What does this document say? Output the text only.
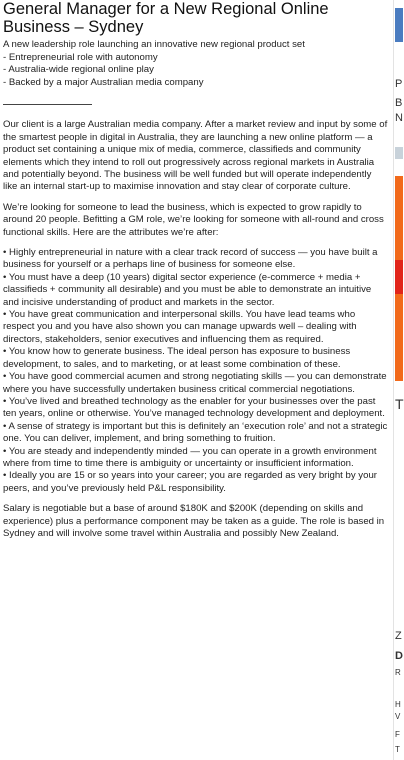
General Manager for a New Regional Online Business – Sydney
A new leadership role launching an innovative new regional product set
- Entrepreneurial role with autonomy
- Australia-wide regional online play
- Backed by a major Australian media company

Our client is a large Australian media company. After a market review and input by some of the smartest people in digital in Australia, they are launching a new online platform — a product set containing a unique mix of media, commerce, classifieds and community elements which they intend to roll out progressively across regional markets in Australia and potentially beyond. The business will be well funded but will operate independently like an internal start-up to maximise innovation and stay clear of corporate culture.

We’re looking for someone to lead the business, which is expected to grow rapidly to around 20 people. Befitting a GM role, we’re looking for someone with all-round and cross functional skills. Here are the attributes we’re after:

• Highly entrepreneurial in nature with a clear track record of success — you have built a business for yourself or a perhaps line of business for someone else.

• You must have a deep (10 years) digital sector experience (e-commerce + media + classifieds + community all desirable) and you must be able to demonstrate an intuitive and incisive understanding of product and markets in the sector.

• You have great communication and interpersonal skills. You have lead teams who respect you and you have also shown you can manage upwards well – dealing with directors, stakeholders, senior executives and influencing them as required.

• You know how to generate business. The ideal person has exposure to business development, to sales, and to marketing, or at least some combination of these.

• You have good commercial acumen and strong negotiating skills — you can demonstrate where you have successfully undertaken business critical commercial negotiations.

• You’ve lived and breathed technology as the enabler for your businesses over the past ten years, online or otherwise. You’ve managed technology development and deployment.

• A sense of strategy is important but this is definitely an ‘execution role’ and not a strategic one. You can deliver, implement, and bring something to fruition.

• You are steady and independently minded — you can operate in a growth environment where from time to time there is ambiguity or uncertainty or insufficient information.

• Ideally you are 15 or so years into your career; you are regarded as very bright by your peers, and you’ve previously held P&L responsibility.

Salary is negotiable but a base of around $180K and $200K (depending on skills and experience) plus a performance component may be taken as a guide. The role is based in Sydney and will involve some travel within Australia and possibly New Zealand.

P
B
N
T
Z
D
R
H
V
F
T
